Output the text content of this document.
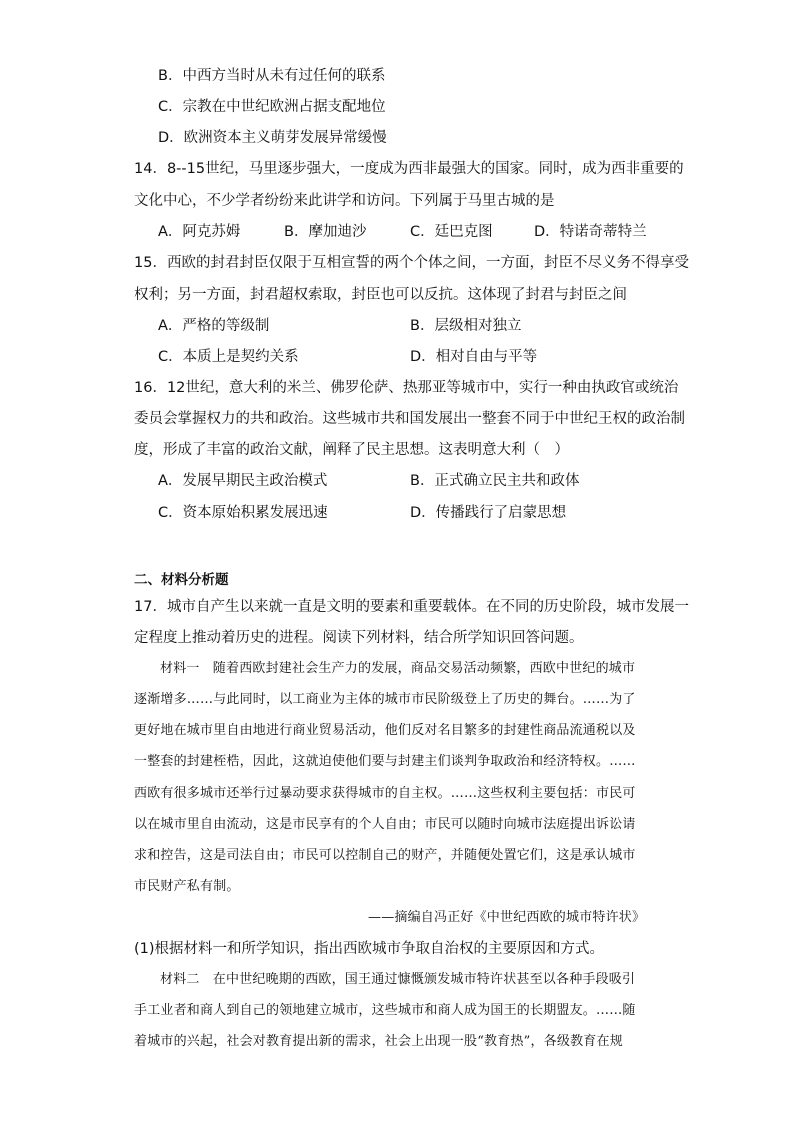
B．中西方当时从未有过任何的联系
C．宗教在中世纪欧洲占据支配地位
D．欧洲资本主义萌芽发展异常缓慢
14．8--15世纪，马里逐步强大，一度成为西非最强大的国家。同时，成为西非重要的
文化中心，不少学者纷纷来此讲学和访问。下列属于马里古城的是
A．阿克苏姆	B．摩加迪沙	C．廷巴克图	D．特诺奇蒂特兰
15．西欧的封君封臣仅限于互相宣誓的两个个体之间，一方面，封臣不尽义务不得享受
权利；另一方面，封君超权索取，封臣也可以反抗。这体现了封君与封臣之间
A．严格的等级制	B．层级相对独立
C．本质上是契约关系	D．相对自由与平等
16．12世纪，意大利的米兰、佛罗伦萨、热那亚等城市中，实行一种由执政官或统治
委员会掌握权力的共和政治。这些城市共和国发展出一整套不同于中世纪王权的政治制
度，形成了丰富的政治文献，阐释了民主思想。这表明意大利（　）
A．发展早期民主政治模式	B．正式确立民主共和政体
C．资本原始积累发展迅速	D．传播践行了启蒙思想
二、材料分析题
17．城市自产生以来就一直是文明的要素和重要载体。在不同的历史阶段，城市发展一
定程度上推动着历史的进程。阅读下列材料，结合所学知识回答问题。
材料一　随着西欧封建社会生产力的发展，商品交易活动频繁，西欧中世纪的城市
逐渐增多……与此同时，以工商业为主体的城市市民阶级登上了历史的舞台。……为了
更好地在城市里自由地进行商业贸易活动，他们反对名目繁多的封建性商品流通税以及
一整套的封建桎梏，因此，这就迫使他们要与封建主们谈判争取政治和经济特权。……
西欧有很多城市还举行过暴动要求获得城市的自主权。……这些权利主要包括：市民可
以在城市里自由流动，这是市民享有的个人自由；市民可以随时向城市法庭提出诉讼请
求和控告，这是司法自由；市民可以控制自己的财产，并随便处置它们，这是承认城市
市民财产私有制。
——摘编自冯正好《中世纪西欧的城市特许状》
(1)根据材料一和所学知识，指出西欧城市争取自治权的主要原因和方式。
材料二　在中世纪晚期的西欧，国王通过慷慨颁发城市特许状甚至以各种手段吸引
手工业者和商人到自己的领地建立城市，这些城市和商人成为国王的长期盟友。……随
着城市的兴起，社会对教育提出新的需求，社会上出现一股“教育热”，各级教育在规
